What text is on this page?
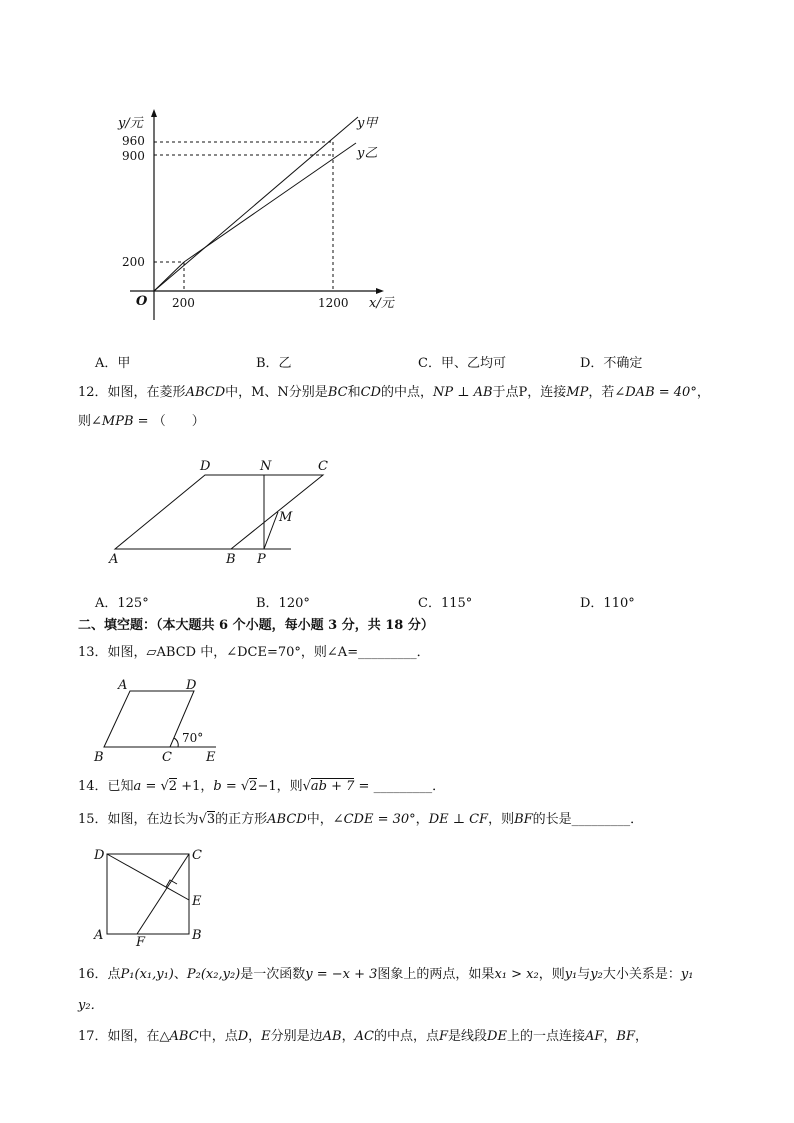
y/元
960
900
200
O 200	1200 x/元
y甲
y乙
A．甲	B．乙	C．甲、乙均可	D．不确定
12．如图，在菱形ABCD中，M、N分别是BC和CD的中点，NP ⊥ AB于点P，连接MP，若∠DAB = 40°，
则∠MPB = （　　）
D	N	C
M
A	B P
A．125°	B．120°	C．115°	D．110°
二、填空题：（本大题共 6 个小题，每小题 3 分，共 18 分）
13．如图，▱ABCD 中，∠DCE=70°，则∠A=_________．
A	D
B	C	E
70°
14．已知a = √2 +1，b = √2−1，则√ab + 7 = _________．
15．如图，在边长为√3的正方形ABCD中，∠CDE = 30°，DE ⊥ CF，则BF的长是_________．
D	C
E
A	F	B
16．点P₁(x₁,y₁)、P₂(x₂,y₂)是一次函数y = −x + 3图象上的两点，如果x₁ > x₂，则y₁与y₂大小关系是：y₁
y₂．
17．如图，在△ABC中，点D，E分别是边AB，AC的中点，点F是线段DE上的一点连接AF，BF，
